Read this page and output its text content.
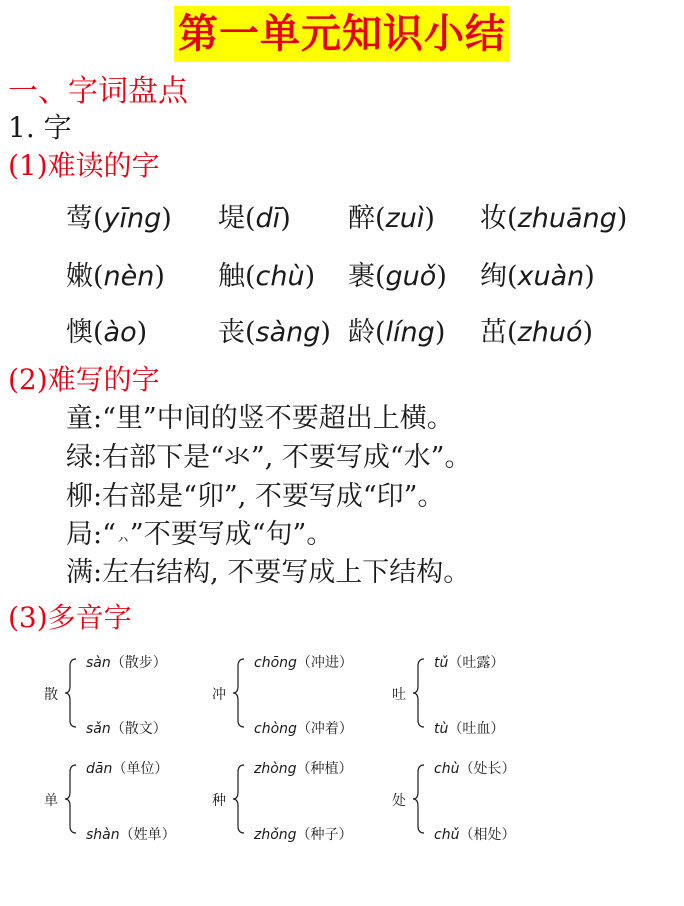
第一单元知识小结
一、字词盘点
1. 字
(1)难读的字
莺(yīng) 堤(dī) 醉(zuì) 妆(zhuāng)
嫩(nèn) 触(chù) 裹(guǒ) 绚(xuàn)
懊(ào)	丧(sàng) 龄(líng) 茁(zhuó)
(2)难写的字
童:“里”中间的竖不要超出上横。
绿:右部下是“氺”, 不要写成“水”。
柳:右部是“卯”, 不要写成“印”。
局:“ㇵ”不要写成“句”。
满:左右结构, 不要写成上下结构。
(3)多音字
散
sàn（散步）
sǎn（散文）
冲
chōng（冲进）
chòng（冲着）
吐
tǔ（吐露）
tù（吐血）
单
dān（单位）
shàn（姓单）
种
zhòng（种植）
zhǒng（种子）
处
chù（处长）
chǔ（相处）
